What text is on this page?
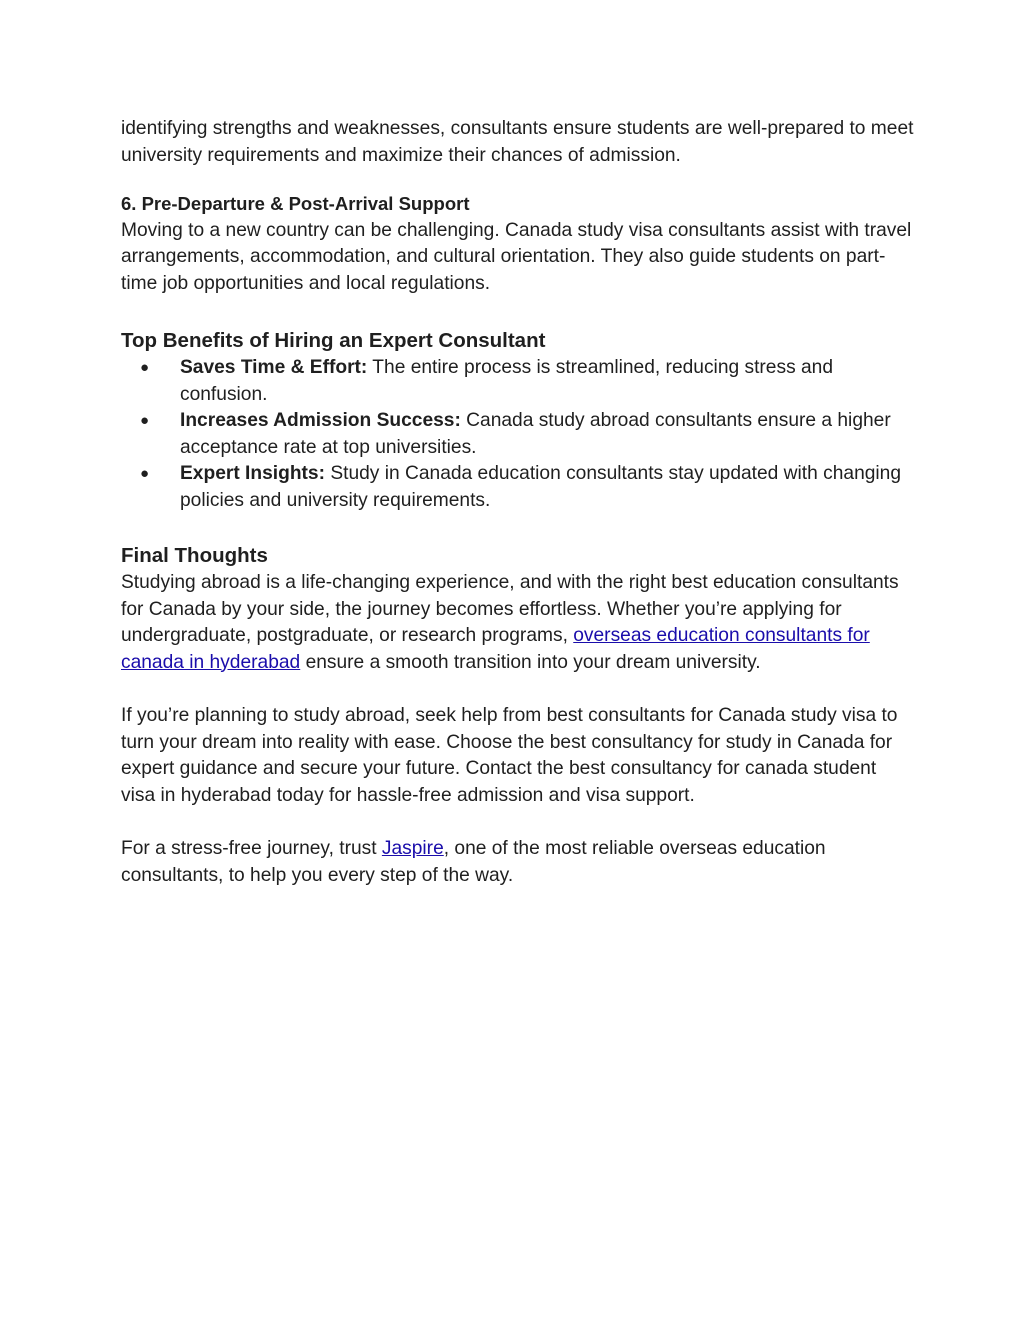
identifying strengths and weaknesses, consultants ensure students are well-prepared to meet university requirements and maximize their chances of admission.

6. Pre-Departure & Post-Arrival Support

Moving to a new country can be challenging. Canada study visa consultants assist with travel arrangements, accommodation, and cultural orientation. They also guide students on part-time job opportunities and local regulations.

Top Benefits of Hiring an Expert Consultant
● Saves Time & Effort: The entire process is streamlined, reducing stress and confusion.
● Increases Admission Success: Canada study abroad consultants ensure a higher acceptance rate at top universities.
● Expert Insights: Study in Canada education consultants stay updated with changing policies and university requirements.
Final Thoughts

Studying abroad is a life-changing experience, and with the right best education consultants for Canada by your side, the journey becomes effortless. Whether you’re applying for undergraduate, postgraduate, or research programs, overseas education consultants for canada in hyderabad ensure a smooth transition into your dream university.

If you’re planning to study abroad, seek help from best consultants for Canada study visa to turn your dream into reality with ease. Choose the best consultancy for study in Canada for expert guidance and secure your future. Contact the best consultancy for canada student visa in hyderabad today for hassle-free admission and visa support.

For a stress-free journey, trust Jaspire, one of the most reliable overseas education consultants, to help you every step of the way.
